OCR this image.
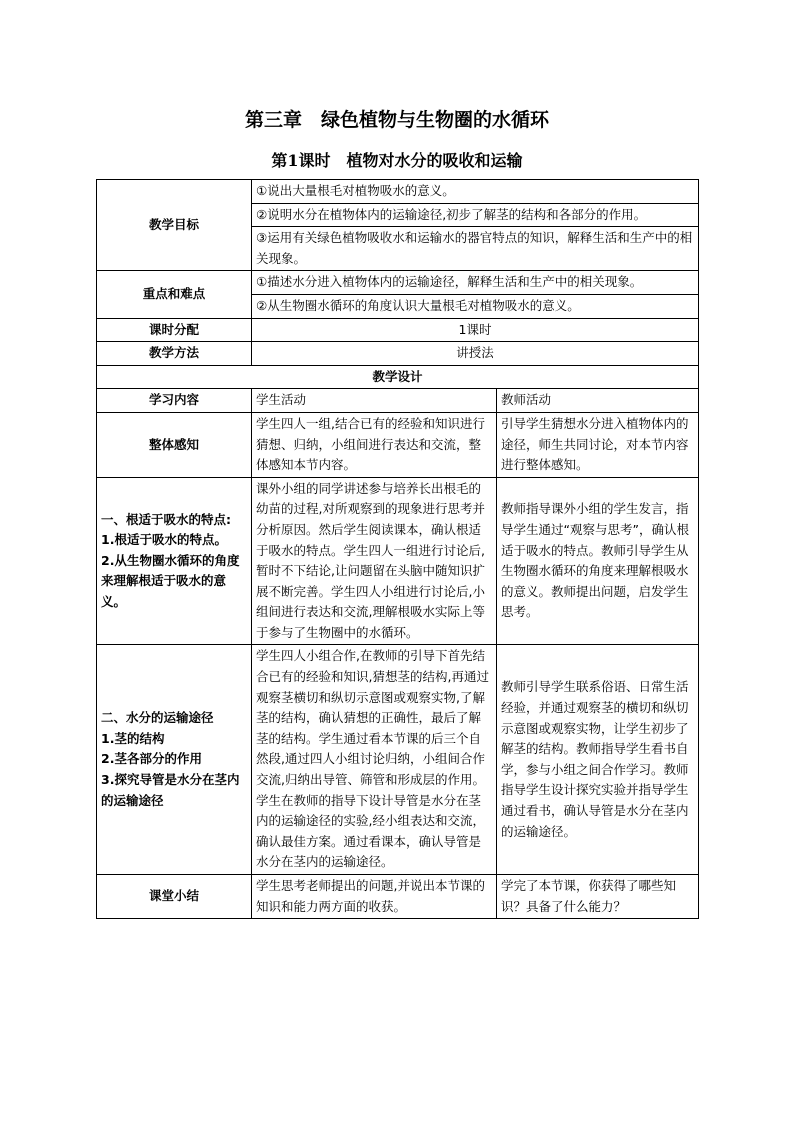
第三章　绿色植物与生物圈的水循环
第1课时　植物对水分的吸收和运输
教学目标	①说出大量根毛对植物吸水的意义。	
	②说明水分在植物体内的运输途径,初步了解茎的结构和各部分的作用。	
	③运用有关绿色植物吸收水和运输水的器官特点的知识，解释生活和生产中的相关现象。	
重点和难点	①描述水分进入植物体内的运输途径，解释生活和生产中的相关现象。	
	②从生物圈水循环的角度认识大量根毛对植物吸水的意义。	
课时分配	1课时	
教学方法	讲授法	
教学设计		
学习内容	学生活动	教师活动
整体感知	学生四人一组,结合已有的经验和知识进行猜想、归纳，小组间进行表达和交流，整体感知本节内容。	引导学生猜想水分进入植物体内的途径，师生共同讨论，对本节内容进行整体感知。

一、根适于吸水的特点:
1.根适于吸水的特点。
2.从生物圈水循环的角度来理解根适于吸水的意义。	课外小组的同学讲述参与培养长出根毛的幼苗的过程,对所观察到的现象进行思考并分析原因。然后学生阅读课本，确认根适于吸水的特点。学生四人一组进行讨论后,暂时不下结论,让问题留在头脑中随知识扩展不断完善。学生四人小组进行讨论后,小组间进行表达和交流,理解根吸水实际上等于参与了生物圈中的水循环。	教师指导课外小组的学生发言，指导学生通过“观察与思考”，确认根适于吸水的特点。教师引导学生从生物圈水循环的角度来理解根吸水的意义。教师提出问题，启发学生思考。

二、水分的运输途径
1.茎的结构
2.茎各部分的作用
3.探究导管是水分在茎内的运输途径	学生四人小组合作,在教师的引导下首先结合已有的经验和知识,猜想茎的结构,再通过观察茎横切和纵切示意图或观察实物,了解茎的结构，确认猜想的正确性，最后了解茎的结构。学生通过看本节课的后三个自然段,通过四人小组讨论归纳，小组间合作交流,归纳出导管、筛管和形成层的作用。学生在教师的指导下设计导管是水分在茎内的运输途径的实验,经小组表达和交流，确认最佳方案。通过看课本，确认导管是水分在茎内的运输途径。	教师引导学生联系俗语、日常生活经验，并通过观察茎的横切和纵切示意图或观察实物，让学生初步了解茎的结构。教师指导学生看书自学，参与小组之间合作学习。教师指导学生设计探究实验并指导学生通过看书，确认导管是水分在茎内的运输途径。
课堂小结	学生思考老师提出的问题,并说出本节课的知识和能力两方面的收获。	学完了本节课，你获得了哪些知识？具备了什么能力？
